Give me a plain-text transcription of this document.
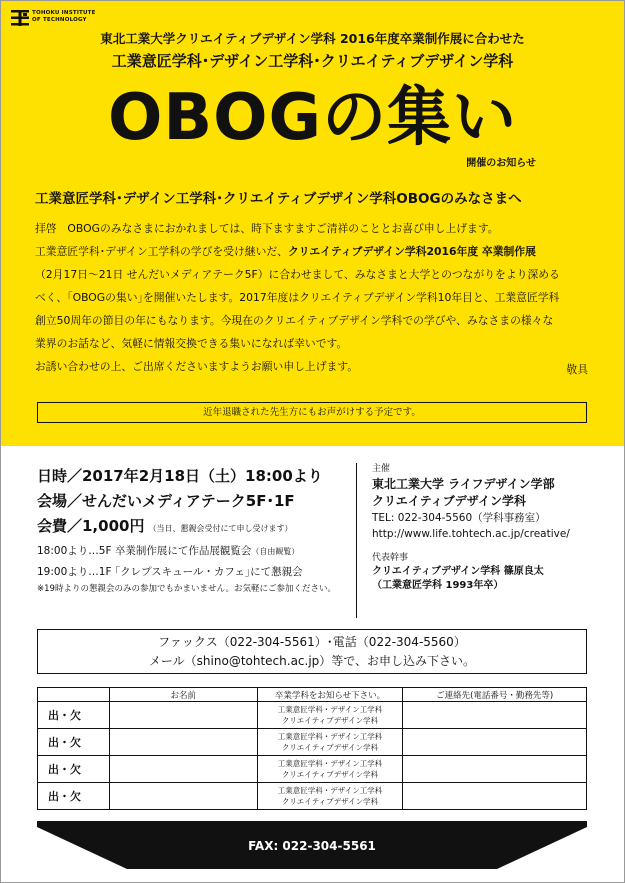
TOHOKU INSTITUTE
OF TECHNOLOGY
東北工業大学クリエイティブデザイン学科 2016年度卒業制作展に合わせた
工業意匠学科･デザイン工学科･クリエイティブデザイン学科
OBOGの集い
開催のお知らせ
工業意匠学科･デザイン工学科･クリエイティブデザイン学科OBOGのみなさまへ

拝啓　OBOGのみなさまにおかれましては、時下ますますご清祥のこととお喜び申し上げます。

工業意匠学科･デザイン工学科の学びを受け継いだ、クリエイティブデザイン学科2016年度 卒業制作展

（2月17日～21日 せんだいメディアテーク5F）に合わせまして、みなさまと大学とのつながりをより深める

べく、｢OBOGの集い｣を開催いたします。2017年度はクリエイティブデザイン学科10年目と、工業意匠学科

創立50周年の節目の年にもなります。今現在のクリエイティブデザイン学科での学びや、みなさまの様々な

業界のお話など、気軽に情報交換できる集いになれば幸いです。

お誘い合わせの上、ご出席くださいますようお願い申し上げます。	敬具
近年退職された先生方にもお声がけする予定です。
日時／2017年2月18日（土）18:00より
会場／せんだいメディアテーク5F･1F
会費／1,000円 （当日、懇親会受付にて申し受けます）
18:00より…5F 卒業制作展にて作品展観覧会（自由観覧）
19:00より…1F ｢クレプスキュール・カフェ｣にて懇親会
※19時よりの懇親会のみの参加でもかまいません。お気軽にご参加ください。
主催
東北工業大学 ライフデザイン学部
クリエイティブデザイン学科
TEL: 022-304-5560（学科事務室）
http://www.life.tohtech.ac.jp/creative/
代表幹事
クリエイティブデザイン学科 篠原良太
（工業意匠学科 1993年卒）
ファックス（022-304-5561）･電話（022-304-5560）
メール（shino@tohtech.ac.jp）等で、お申し込み下さい。
	お名前	卒業学科をお知らせ下さい。	ご連絡先(電話番号・勤務先等)
出・欠		工業意匠学科・デザイン工学科
クリエイティブデザイン学科	

出・欠		工業意匠学科・デザイン工学科
クリエイティブデザイン学科	

出・欠		工業意匠学科・デザイン工学科
クリエイティブデザイン学科	

出・欠		工業意匠学科・デザイン工学科
クリエイティブデザイン学科	

FAX: 022-304-5561
